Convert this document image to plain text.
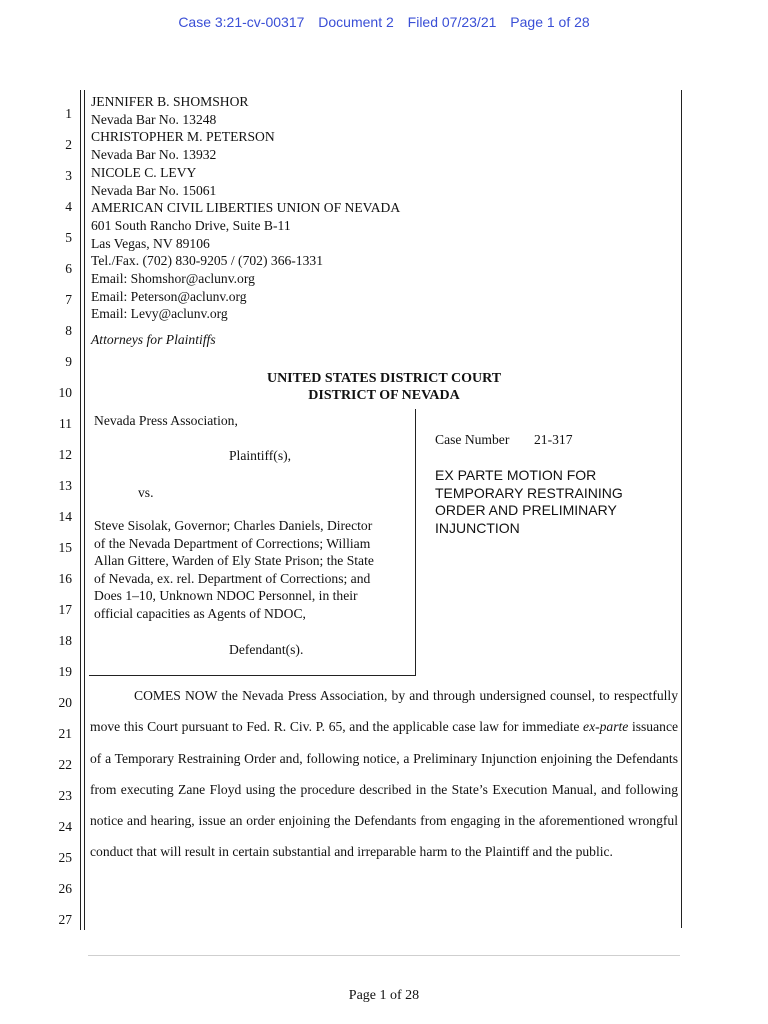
Case 3:21-cv-00317 Document 2 Filed 07/23/21 Page 1 of 28
1
2
3
4
5
6
7
8
9
10
11
12
13
14
15
16
17
18
19
20
21
22
23
24
25
26
27
JENNIFER B. SHOMSHOR
Nevada Bar No. 13248
CHRISTOPHER M. PETERSON
Nevada Bar No. 13932
NICOLE C. LEVY
Nevada Bar No. 15061
AMERICAN CIVIL LIBERTIES UNION OF NEVADA
601 South Rancho Drive, Suite B-11
Las Vegas, NV 89106
Tel./Fax. (702) 830-9205 / (702) 366-1331
Email: Shomshor@aclunv.org
Email: Peterson@aclunv.org
Email: Levy@aclunv.org
Attorneys for Plaintiffs
UNITED STATES DISTRICT COURT
DISTRICT OF NEVADA
Nevada Press Association,
Plaintiff(s),
vs.
Steve Sisolak, Governor; Charles Daniels, Director
of the Nevada Department of Corrections; William
Allan Gittere, Warden of Ely State Prison; the State
of Nevada, ex. rel. Department of Corrections; and
Does 1–10, Unknown NDOC Personnel, in their
official capacities as Agents of NDOC,
Defendant(s).
Case Number 21-317
EX PARTE MOTION FOR
TEMPORARY RESTRAINING
ORDER AND PRELIMINARY
INJUNCTION
COMES NOW the Nevada Press Association, by and through undersigned counsel, to respectfully move this Court pursuant to Fed. R. Civ. P. 65, and the applicable case law for immediate ex-parte issuance of a Temporary Restraining Order and, following notice, a Preliminary Injunction enjoining the Defendants from executing Zane Floyd using the procedure described in the State’s Execution Manual, and following notice and hearing, issue an order enjoining the Defendants from engaging in the aforementioned wrongful conduct that will result in certain substantial and irreparable harm to the Plaintiff and the public.
Page 1 of 28
